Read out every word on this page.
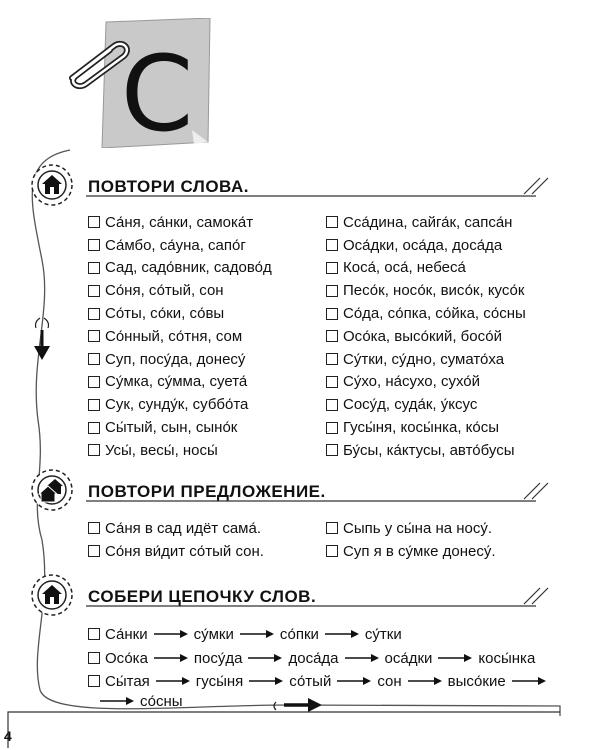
С
ПОВТОРИ СЛОВА.
Са́ня, са́нки, самока́т
Са́мбо, са́уна, сапо́г
Сад, садо́вник, садово́д
Со́ня, со́тый, сон
Со́ты, со́ки, со́вы
Со́нный, со́тня, сом
Суп, посу́да, донесу́
Су́мка, су́мма, суета́
Сук, сунду́к, суббо́та
Сы́тый, сын, сыно́к
Усы́, весы́, носы́
Сса́дина, сайга́к, сапса́н
Оса́дки, оса́да, доса́да
Коса́, оса́, небеса́
Песо́к, носо́к, висо́к, кусо́к
Со́да, со́пка, со́йка, со́сны
Осо́ка, высо́кий, босо́й
Су́тки, су́дно, сумато́ха
Су́хо, на́сухо, сухо́й
Сосу́д, суда́к, у́ксус
Гусы́ня, косы́нка, ко́сы
Бу́сы, ка́ктусы, авто́бусы
ПОВТОРИ ПРЕДЛОЖЕНИЕ.
Са́ня в сад идёт сама́.
Со́ня ви́дит со́тый сон.
Сыпь у сы́на на носу́.
Суп я в су́мке донесу́.
СОБЕРИ ЦЕПОЧКУ СЛОВ.
Са́нки	су́мки	со́пки	су́тки
Осо́ка	посу́да	доса́да	оса́дки	косы́нка
Сы́тая	гусы́ня	со́тый	сон	высо́кие
со́сны
4
